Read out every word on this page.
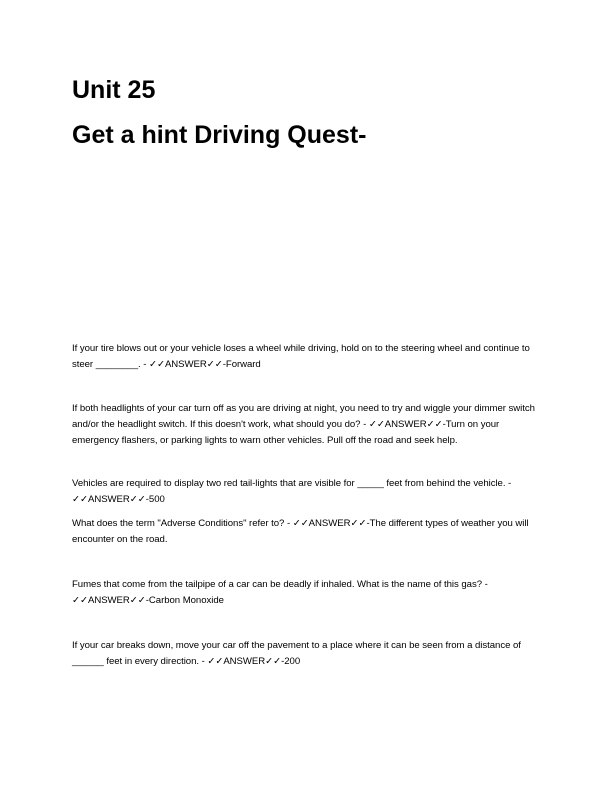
Unit 25
Get a hint Driving Quest-

If your tire blows out or your vehicle loses a wheel while driving, hold on to the steering wheel and continue to steer ________. - ✓✓ANSWER✓✓-Forward

If both headlights of your car turn off as you are driving at night, you need to try and wiggle your dimmer switch and/or the headlight switch. If this doesn't work, what should you do? - ✓✓ANSWER✓✓-Turn on your emergency flashers, or parking lights to warn other vehicles. Pull off the road and seek help.

Vehicles are required to display two red tail-lights that are visible for _____ feet from behind the vehicle. - ✓✓ANSWER✓✓-500

What does the term "Adverse Conditions" refer to? - ✓✓ANSWER✓✓-The different types of weather you will encounter on the road.

Fumes that come from the tailpipe of a car can be deadly if inhaled. What is the name of this gas? - ✓✓ANSWER✓✓-Carbon Monoxide

If your car breaks down, move your car off the pavement to a place where it can be seen from a distance of ______ feet in every direction. - ✓✓ANSWER✓✓-200
